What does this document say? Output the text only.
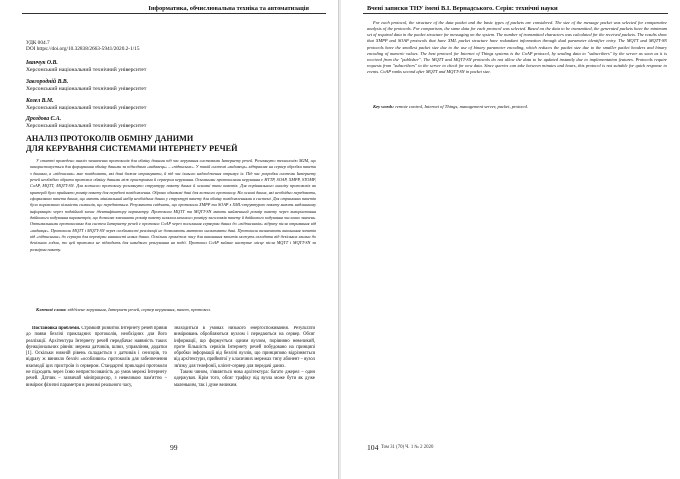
Інформатика, обчислювальна техніка та автоматизація
УДК 004.7
DOI https://doi.org/10.32838/2663-5941/2020.2-1/15
Іванчук О.В.
Херсонський національний технічний університет
Завгородній В.В.
Херсонський національний технічний університет
Козел В.М.
Херсонський національний технічний університет
Дроздова Є.А.
Херсонський національний технічний університет
АНАЛІЗ ПРОТОКОЛІВ ОБМІНУ ДАНИМИ
ДЛЯ КЕРУВАННЯ СИСТЕМАМИ ІНТЕРНЕТУ РЕЧЕЙ
У статті проведено аналіз зазначених протоколів для обміну даними під час керування системами Інтернету речей. Розглянуто технологію M2M, що використовується для формування обміну даними за підходами «видавець» – «підписник». У такій системі «видавець» відправляє на сервер обробки пакети з даними, а «підписник» має повідомити, які дані бажає отримувати, й під час їхнього надходження отримує їх. Під час розробки системи Інтернету речей необхідно обрати протокол обміну даними між пристроями й сервером керування. Основними протоколами керування є HTTP, SOAP, XMPP, STOMP, CoAP, MQTT, MQTT-SN. Для кожного протоколу розглянуто структуру пакету даних й основні типи пакетів. Для порівняльного аналізу протоколів як критерій було прийнято розмір пакету для передачі повідомлення. Обрано однакові дані для кожного протоколу. На основі даних, які необхідно передавати, сформовано пакети даних, що мають мінімальний набір необхідних даних у структурі пакету для обміну повідомленнями в системі. Для отриманих пакетів було пораховано кількість символів, що передаються. Результати свідчать, що протоколи XMPP та SOAP з XML-структурою пакету мають надлишкову інформацію через подвійний запис ідентифікатору параметру. Протоколи MQTT та MQTT-SN мають найменший розмір пакету через використання двійкового кодування параметрів, що дозволяє зменшити розмір пакету шляхом меншого розміру заголовків пакету й двійкового кодування числових значень. Оптимальними протоколами для систем Інтернету речей є протокол CoAP через посилання серверам даних до «підписників» відразу після отримання від «видавця». Протоколи MQTT і MQTT-SN через особливості реалізації не дозволяють миттєво оновлювати дані. Протоколи визначають виконання запитів від «підписника» до сервера для перевірки наявності нових даних. Оскільки проміжок часу для виконання запитів можуть складати від декількох хвилин до декількох годин, то цей протокол не підходить для швидкого реагування на події. Протокол CoAP займає наступне місце після MQTT і MQTT-SN за розміром пакету.
Ключові слова: відділене керування, Інтернет речей, сервер керування, пакет, протокол.

Постановка проблеми. Стрімкий розвиток Інтернету речей привів до появи безлічі прикладних протоколів, необхідних для його реалізації. Архітектура Інтернету речей передбачає наявність таких функціональних рівнів: мережа датчиків, шлюз, управління, додатки [1]. Оскільки нижній рівень складається з датчиків і сенсорів, то відразу ж виникло безліч «особливих» протоколів для забезпечення взаємодії цих пристроїв із сервером. Стандартні прикладні протоколи не підходять через їхню непристосованість до умов мережі Інтернету речей. Датчик – зазвичай мініпроцесор, з невеликою пам'яттю – вимірює фізичні параметри в режимі реального часу,

знаходиться в умовах низького енергоспоживання. Результати вимірювань обробляються вузлом і передаються на сервер. Обсяг інформації, що формується одним вузлом, порівняно невеликий, проте більшість сервісів Інтернету речей побудовано на принципі обробки інформації від безлічі вузлів, що принципово відрізняється від архітектури, прийнятої у класичних мережах типу абонент – вузол зв'язку для телефонії, клієнт-сервер для передачі даних.

Таким чином, з'являється нова архітектура: багато джерел – один одержувач. Крім того, обсяг трафіку від вузла може бути як дуже маленьким, так і дуже великим.

99
Вчені записки ТНУ імені В.І. Вернадського. Серія: технічні науки
For each protocol, the structure of the data packet and the basic types of packets are considered. The size of the message packet was selected for comparative analysis of the protocols. For comparison, the same data for each protocol was selected. Based on the data to be transmitted, the generated packets have the minimum set of required data in the packet structure for messaging on the system. The number of transmitted characters was calculated for the received packets. The results show that XMPP and SOAP protocols that have XML packet structure have redundant information through dual parameter identifier entry. The MQTT and MQTT-SN protocols have the smallest packet size due to the use of binary parameter encoding, which reduces the packet size due to the smaller packet headers and binary encoding of numeric values. The best protocol for Internet of Things systems is the CoAP protocol, by sending data to "subscribers" by the server as soon as it is received from the "publisher". The MQTT and MQTT-SN protocols do not allow the data to be updated instantly due to implementation features. Protocols require requests from "subscribers" to the server to check for new data. Since queries can take between minutes and hours, this protocol is not suitable for quick response to events. CoAP ranks second after MQTT and MQTT-SN in packet size.
Key words: remote control, Internet of Things, management server, packet, protocol.
104 Том 31 (70) Ч. 1 № 2 2020
